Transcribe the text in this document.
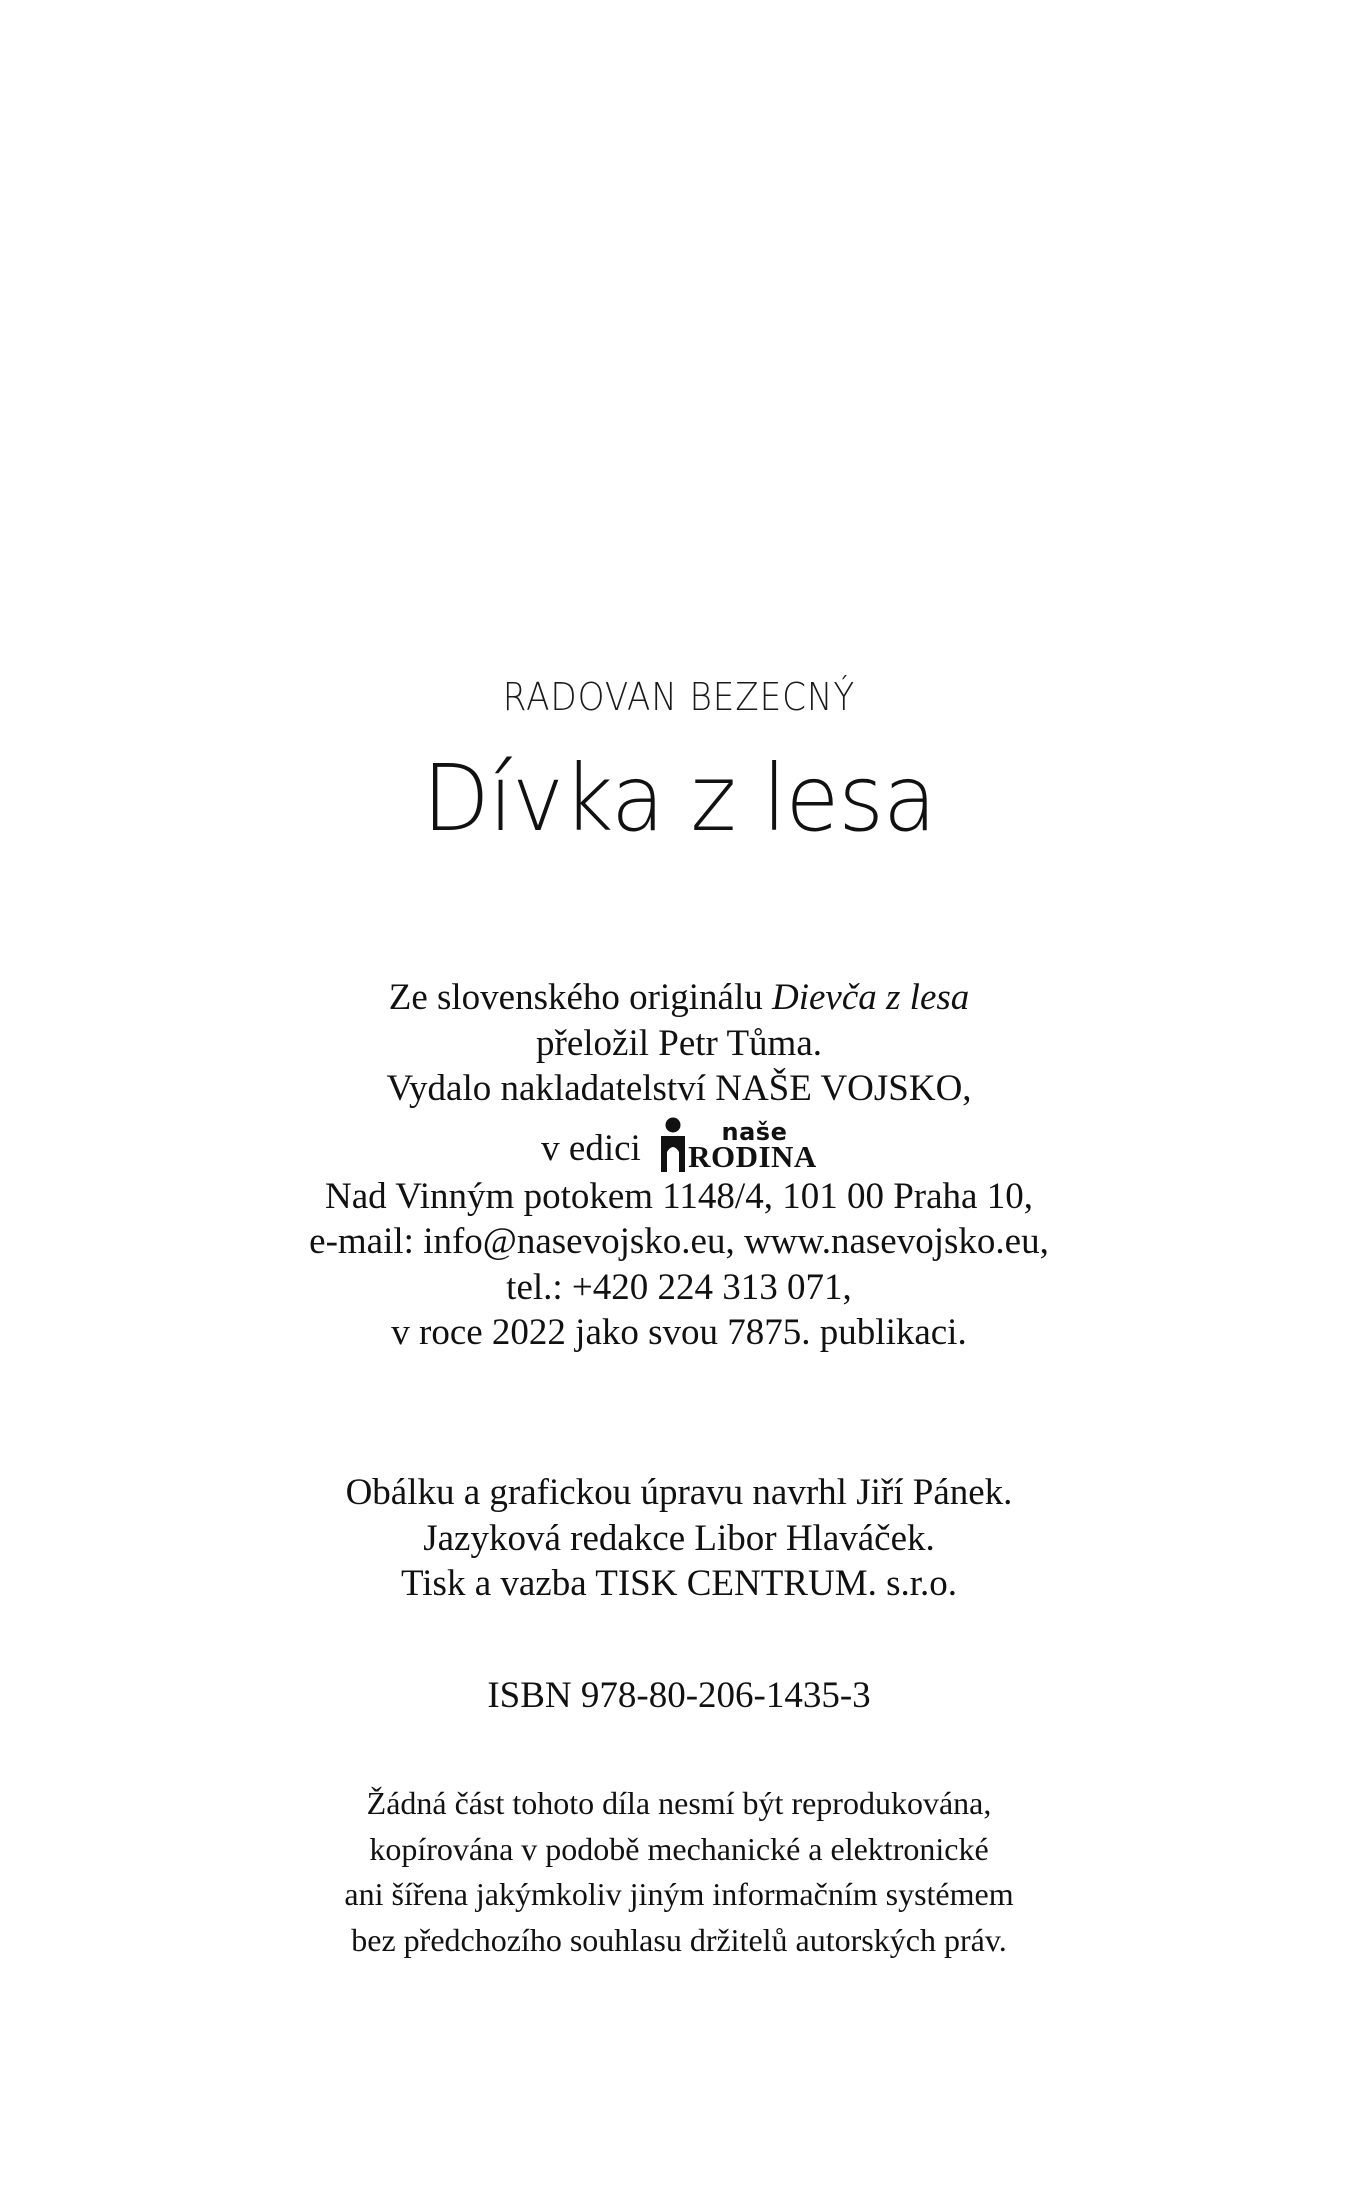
RADOVAN BEZECNÝ
Dívka z lesa
Ze slovenského originálu Dievča z lesa
přeložil Petr Tůma.
Vydalo nakladatelství NAŠE VOJSKO,
v edici	naše
RODINA
Nad Vinným potokem 1148/4, 101 00 Praha 10,
e-mail: info@nasevojsko.eu, www.nasevojsko.eu,
tel.: +420 224 313 071,
v roce 2022 jako svou 7875. publikaci.
Obálku a grafickou úpravu navrhl Jiří Pánek.
Jazyková redakce Libor Hlaváček.
Tisk a vazba TISK CENTRUM. s.r.o.
ISBN 978-80-206-1435-3
Žádná část tohoto díla nesmí být reprodukována,
kopírována v podobě mechanické a elektronické
ani šířena jakýmkoliv jiným informačním systémem
bez předchozího souhlasu držitelů autorských práv.
